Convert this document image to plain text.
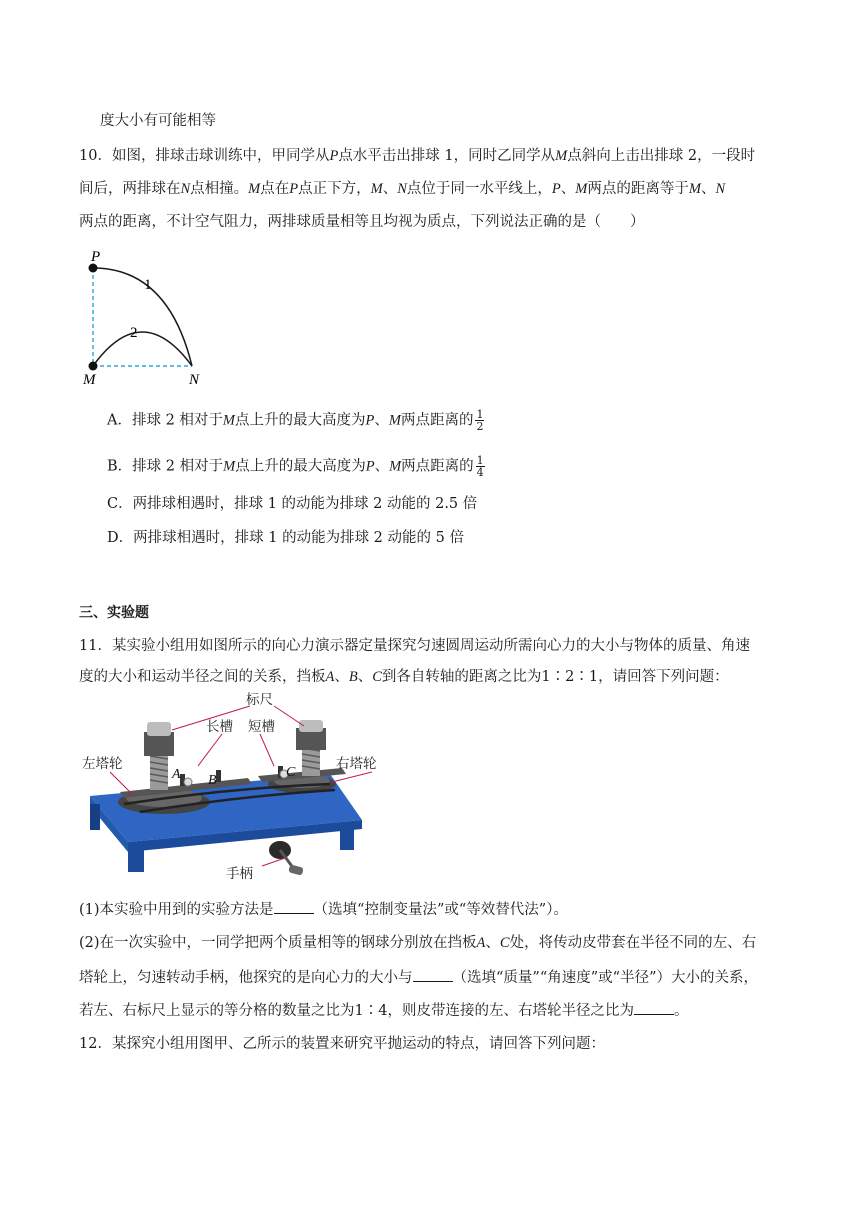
度大小有可能相等
10．如图，排球击球训练中，甲同学从P点水平击出排球 1，同时乙同学从M点斜向上击出排球 2，一段时
间后，两排球在N点相撞。M点在P点正下方，M、N点位于同一水平线上，P、M两点的距离等于M、N
两点的距离，不计空气阻力，两排球质量相等且均视为质点，下列说法正确的是（　　）
P
M	N
1
2
A．排球 2 相对于M点上升的最大高度为P、M两点距离的 $\frac{1}{2}$
B．排球 2 相对于M点上升的最大高度为P、M两点距离的 $\frac{1}{4}$
C．两排球相遇时，排球 1 的动能为排球 2 动能的 2.5 倍
D．两排球相遇时，排球 1 的动能为排球 2 动能的 5 倍
三、实验题
11．某实验小组用如图所示的向心力演示器定量探究匀速圆周运动所需向心力的大小与物体的质量、角速
度的大小和运动半径之间的关系，挡板A、B、C到各自转轴的距离之比为1∶2∶1，请回答下列问题：
标尺
长槽 短槽
左塔轮	右塔轮
手柄
A B
C
(1)本实验中用到的实验方法是	（选填“控制变量法”或“等效替代法”）。
(2)在一次实验中，一同学把两个质量相等的钢球分别放在挡板A、C处，将传动皮带套在半径不同的左、右
塔轮上，匀速转动手柄，他探究的是向心力的大小与	（选填“质量”“角速度”或“半径”）大小的关系，
若左、右标尺上显示的等分格的数量之比为1∶4，则皮带连接的左、右塔轮半径之比为	。
12．某探究小组用图甲、乙所示的装置来研究平抛运动的特点，请回答下列问题：
